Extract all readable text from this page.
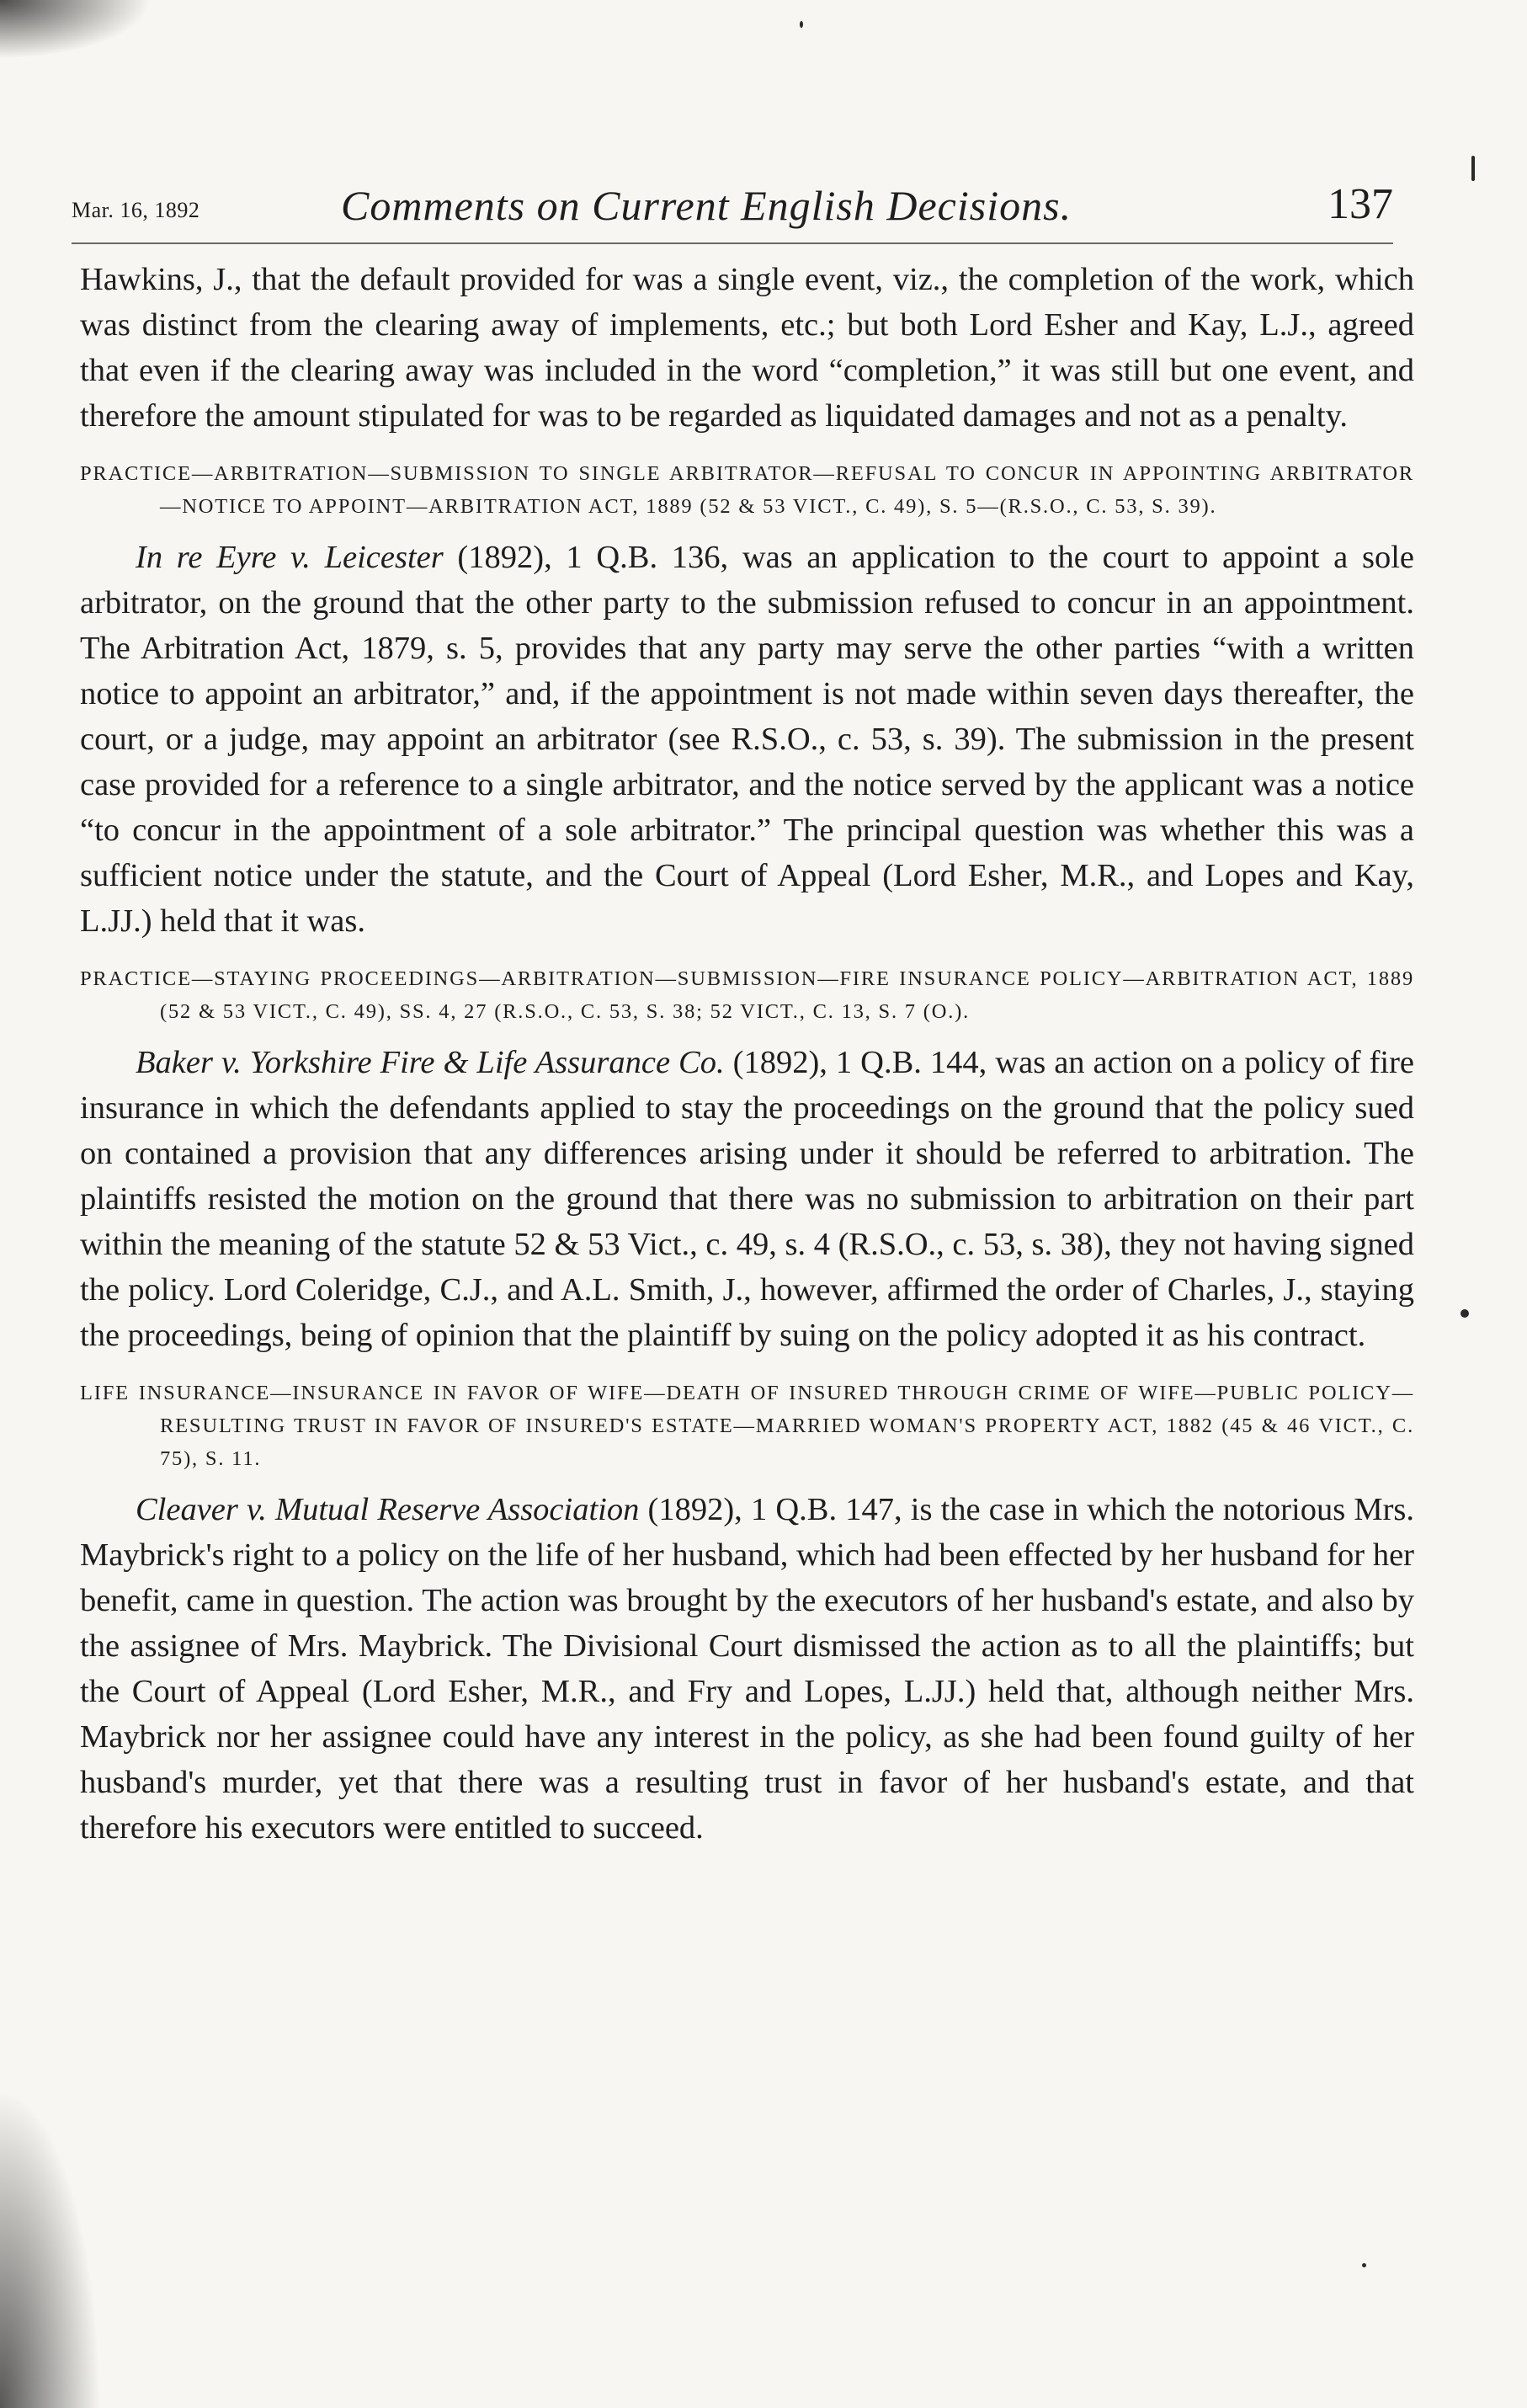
Mar. 16, 1892	Comments on Current English Decisions.	137

Hawkins, J., that the default provided for was a single event, viz., the completion of the work, which was distinct from the clearing away of implements, etc.; but both Lord Esher and Kay, L.J., agreed that even if the clearing away was included in the word “completion,” it was still but one event, and therefore the amount stipulated for was to be regarded as liquidated damages and not as a penalty.

PRACTICE—ARBITRATION—SUBMISSION TO SINGLE ARBITRATOR—REFUSAL TO CONCUR IN APPOINTING ARBITRATOR—NOTICE TO APPOINT—ARBITRATION ACT, 1889 (52 & 53 VICT., C. 49), S. 5—(R.S.O., C. 53, S. 39).

In re Eyre v. Leicester (1892), 1 Q.B. 136, was an application to the court to appoint a sole arbitrator, on the ground that the other party to the submission refused to concur in an appointment. The Arbitration Act, 1879, s. 5, provides that any party may serve the other parties “with a written notice to appoint an arbitrator,” and, if the appointment is not made within seven days thereafter, the court, or a judge, may appoint an arbitrator (see R.S.O., c. 53, s. 39). The submission in the present case provided for a reference to a single arbitrator, and the notice served by the applicant was a notice “to concur in the appointment of a sole arbitrator.” The principal question was whether this was a sufficient notice under the statute, and the Court of Appeal (Lord Esher, M.R., and Lopes and Kay, L.JJ.) held that it was.

PRACTICE—STAYING PROCEEDINGS—ARBITRATION—SUBMISSION—FIRE INSURANCE POLICY—ARBITRATION ACT, 1889 (52 & 53 VICT., C. 49), SS. 4, 27 (R.S.O., C. 53, S. 38; 52 VICT., C. 13, S. 7 (O.).

Baker v. Yorkshire Fire & Life Assurance Co. (1892), 1 Q.B. 144, was an action on a policy of fire insurance in which the defendants applied to stay the proceedings on the ground that the policy sued on contained a provision that any differences arising under it should be referred to arbitration. The plaintiffs resisted the motion on the ground that there was no submission to arbitration on their part within the meaning of the statute 52 & 53 Vict., c. 49, s. 4 (R.S.O., c. 53, s. 38), they not having signed the policy. Lord Coleridge, C.J., and A.L. Smith, J., however, affirmed the order of Charles, J., staying the proceedings, being of opinion that the plaintiff by suing on the policy adopted it as his contract.

LIFE INSURANCE—INSURANCE IN FAVOR OF WIFE—DEATH OF INSURED THROUGH CRIME OF WIFE—PUBLIC POLICY—RESULTING TRUST IN FAVOR OF INSURED'S ESTATE—MARRIED WOMAN'S PROPERTY ACT, 1882 (45 & 46 VICT., C. 75), S. 11.

Cleaver v. Mutual Reserve Association (1892), 1 Q.B. 147, is the case in which the notorious Mrs. Maybrick's right to a policy on the life of her husband, which had been effected by her husband for her benefit, came in question. The action was brought by the executors of her husband's estate, and also by the assignee of Mrs. Maybrick. The Divisional Court dismissed the action as to all the plaintiffs; but the Court of Appeal (Lord Esher, M.R., and Fry and Lopes, L.JJ.) held that, although neither Mrs. Maybrick nor her assignee could have any interest in the policy, as she had been found guilty of her husband's murder, yet that there was a resulting trust in favor of her husband's estate, and that therefore his executors were entitled to succeed.
